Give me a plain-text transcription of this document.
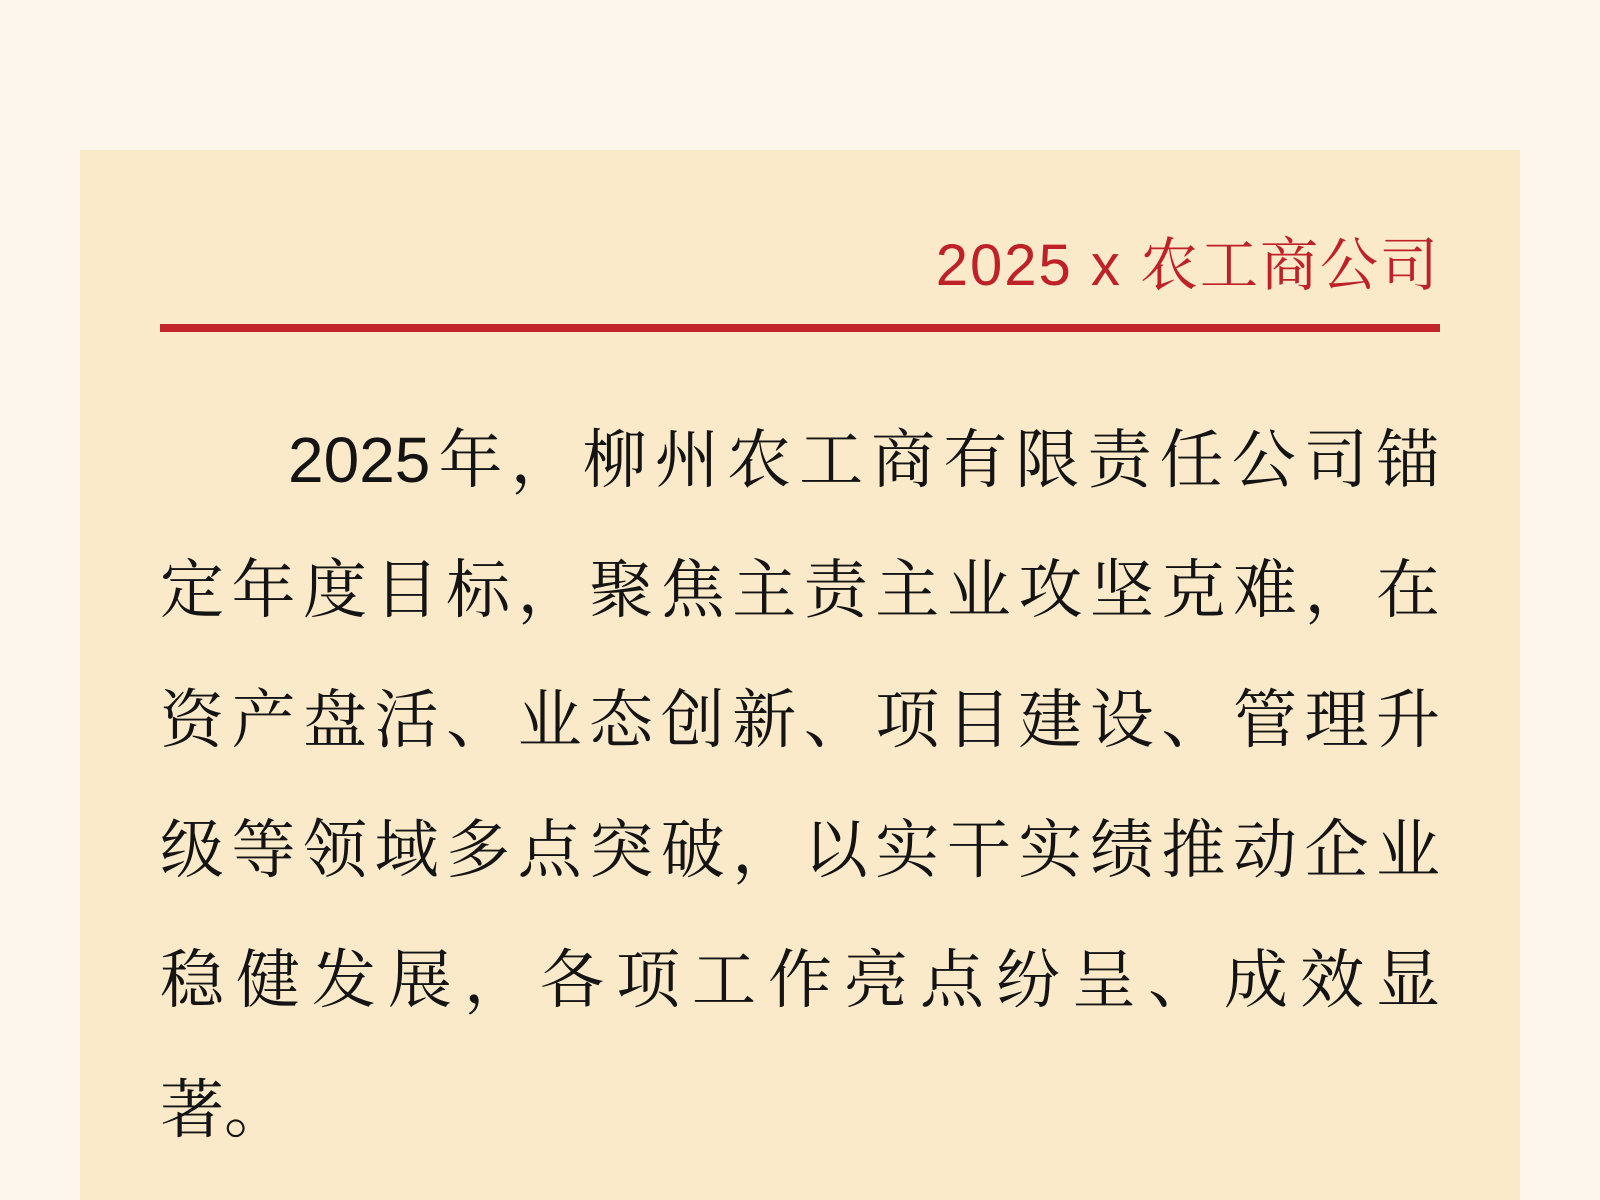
2025 x 农工商公司
2025年，柳州农工商有限责任公司锚
定年度目标，聚焦主责主业攻坚克难，在
资产盘活、业态创新、项目建设、管理升
级等领域多点突破，以实干实绩推动企业
稳健发展，各项工作亮点纷呈、成效显
著。
